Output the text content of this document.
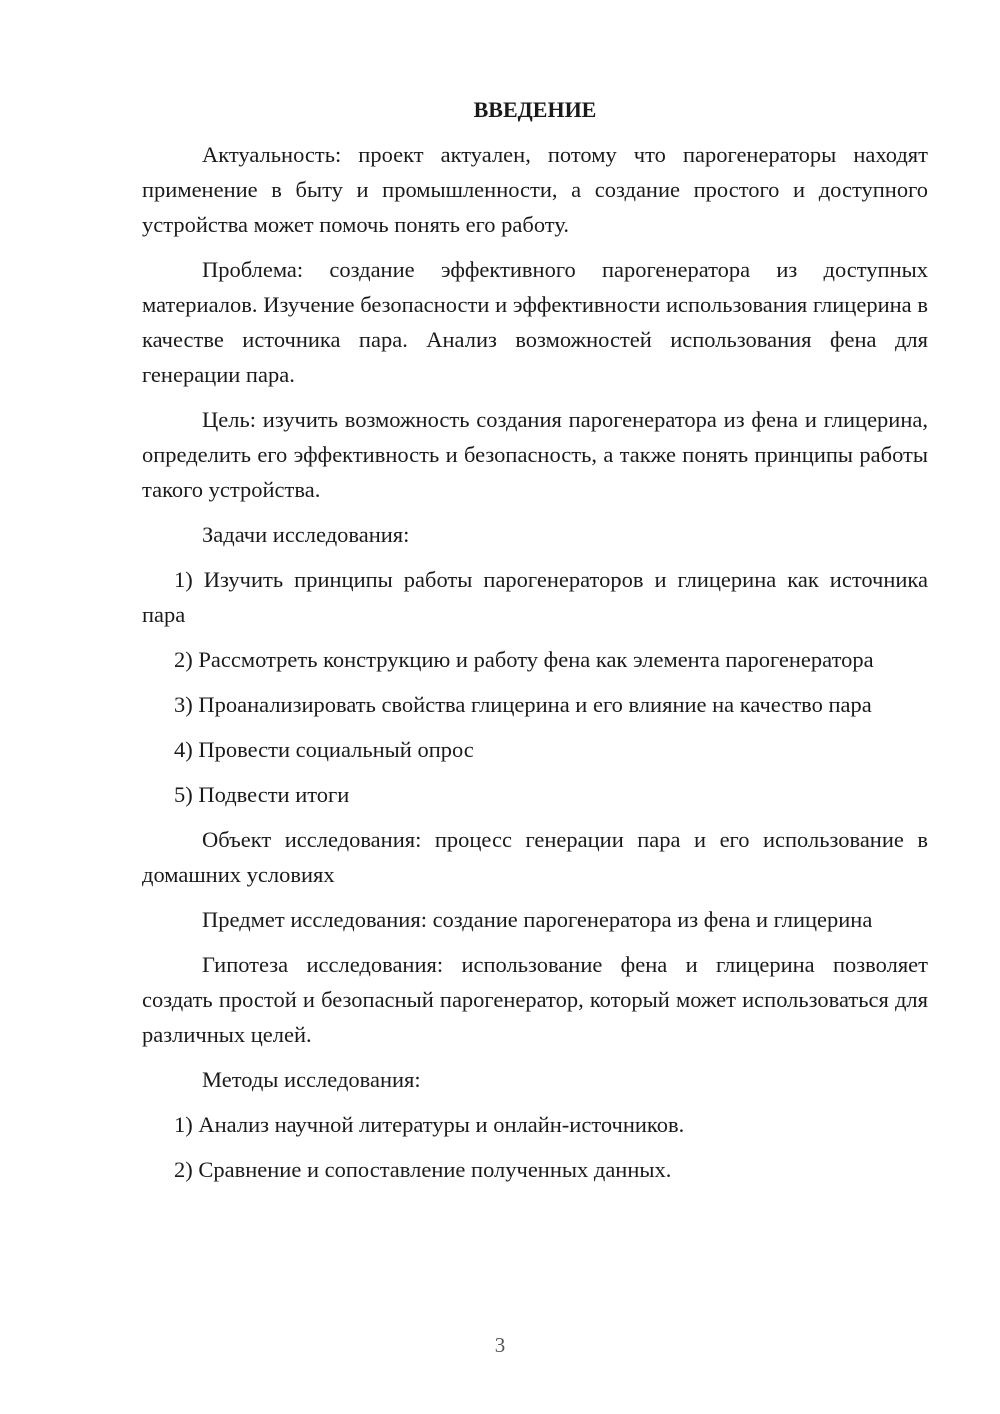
ВВЕДЕНИЕ

Актуальность: проект актуален, потому что парогенераторы находят применение в быту и промышленности, а создание простого и доступного устройства может помочь понять его работу.

Проблема: создание эффективного парогенератора из доступных материалов. Изучение безопасности и эффективности использования глицерина в качестве источника пара. Анализ возможностей использования фена для генерации пара.

Цель: изучить возможность создания парогенератора из фена и глицерина, определить его эффективность и безопасность, а также понять принципы работы такого устройства.

Задачи исследования:

1) Изучить принципы работы парогенераторов и глицерина как источника пара

2) Рассмотреть конструкцию и работу фена как элемента парогенератора

3) Проанализировать свойства глицерина и его влияние на качество пара

4) Провести социальный опрос

5) Подвести итоги

Объект исследования: процесс генерации пара и его использование в домашних условиях

Предмет исследования: создание парогенератора из фена и глицерина

Гипотеза исследования: использование фена и глицерина позволяет создать простой и безопасный парогенератор, который может использоваться для различных целей.

Методы исследования:

1) Анализ научной литературы и онлайн-источников.

2) Сравнение и сопоставление полученных данных.

3
